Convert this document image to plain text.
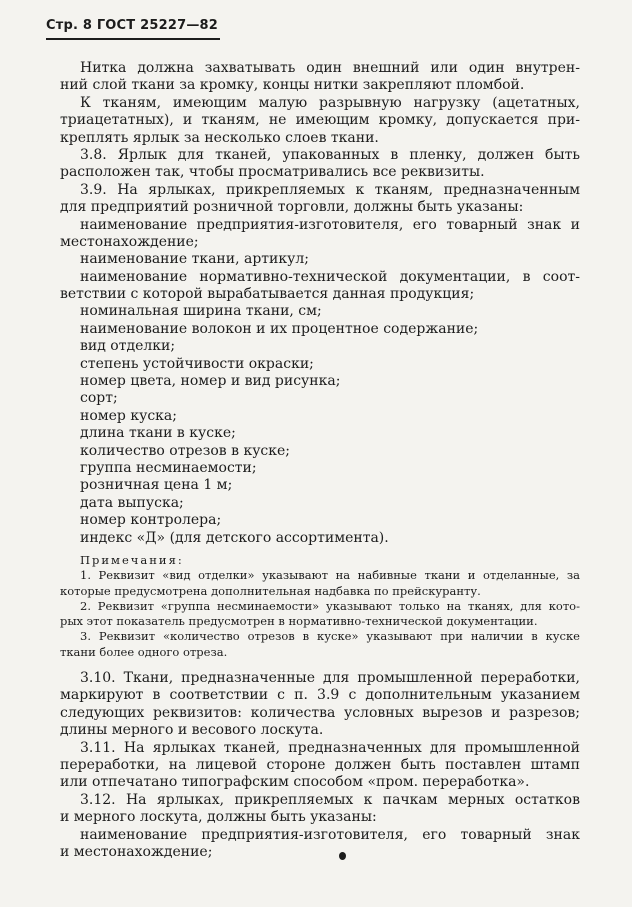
Стр. 8 ГОСТ 25227—82
Нитка должна захватывать один внешний или один внутрен-
ний слой ткани за кромку, концы нитки закрепляют пломбой.
К тканям, имеющим малую разрывную нагрузку (ацетатных,
триацетатных), и тканям, не имеющим кромку, допускается при-
креплять ярлык за несколько слоев ткани.
3.8. Ярлык для тканей, упакованных в пленку, должен быть
расположен так, чтобы просматривались все реквизиты.
3.9. На ярлыках, прикрепляемых к тканям, предназначенным
для предприятий розничной торговли, должны быть указаны:
наименование предприятия-изготовителя, его товарный знак и
местонахождение;
наименование ткани, артикул;
наименование нормативно-технической документации, в соот-
ветствии с которой вырабатывается данная продукция;
номинальная ширина ткани, см;
наименование волокон и их процентное содержание;
вид отделки;
степень устойчивости окраски;
номер цвета, номер и вид рисунка;
сорт;
номер куска;
длина ткани в куске;
количество отрезов в куске;
группа несминаемости;
розничная цена 1 м;
дата выпуска;
номер контролера;
индекс «Д» (для детского ассортимента).
Примечания:
1. Реквизит «вид отделки» указывают на набивные ткани и отделанные, за
которые предусмотрена дополнительная надбавка по прейскуранту.
2. Реквизит «группа несминаемости» указывают только на тканях, для кото-
рых этот показатель предусмотрен в нормативно-технической документации.
3. Реквизит «количество отрезов в куске» указывают при наличии в куске
ткани более одного отреза.
3.10. Ткани, предназначенные для промышленной переработки,
маркируют в соответствии с п. 3.9 с дополнительным указанием
следующих реквизитов: количества условных вырезов и разрезов;
длины мерного и весового лоскута.
3.11. На ярлыках тканей, предназначенных для промышленной
переработки, на лицевой стороне должен быть поставлен штамп
или отпечатано типографским способом «пром. переработка».
3.12. На ярлыках, прикрепляемых к пачкам мерных остатков
и мерного лоскута, должны быть указаны:
наименование предприятия-изготовителя, его товарный знак
и местонахождение;
